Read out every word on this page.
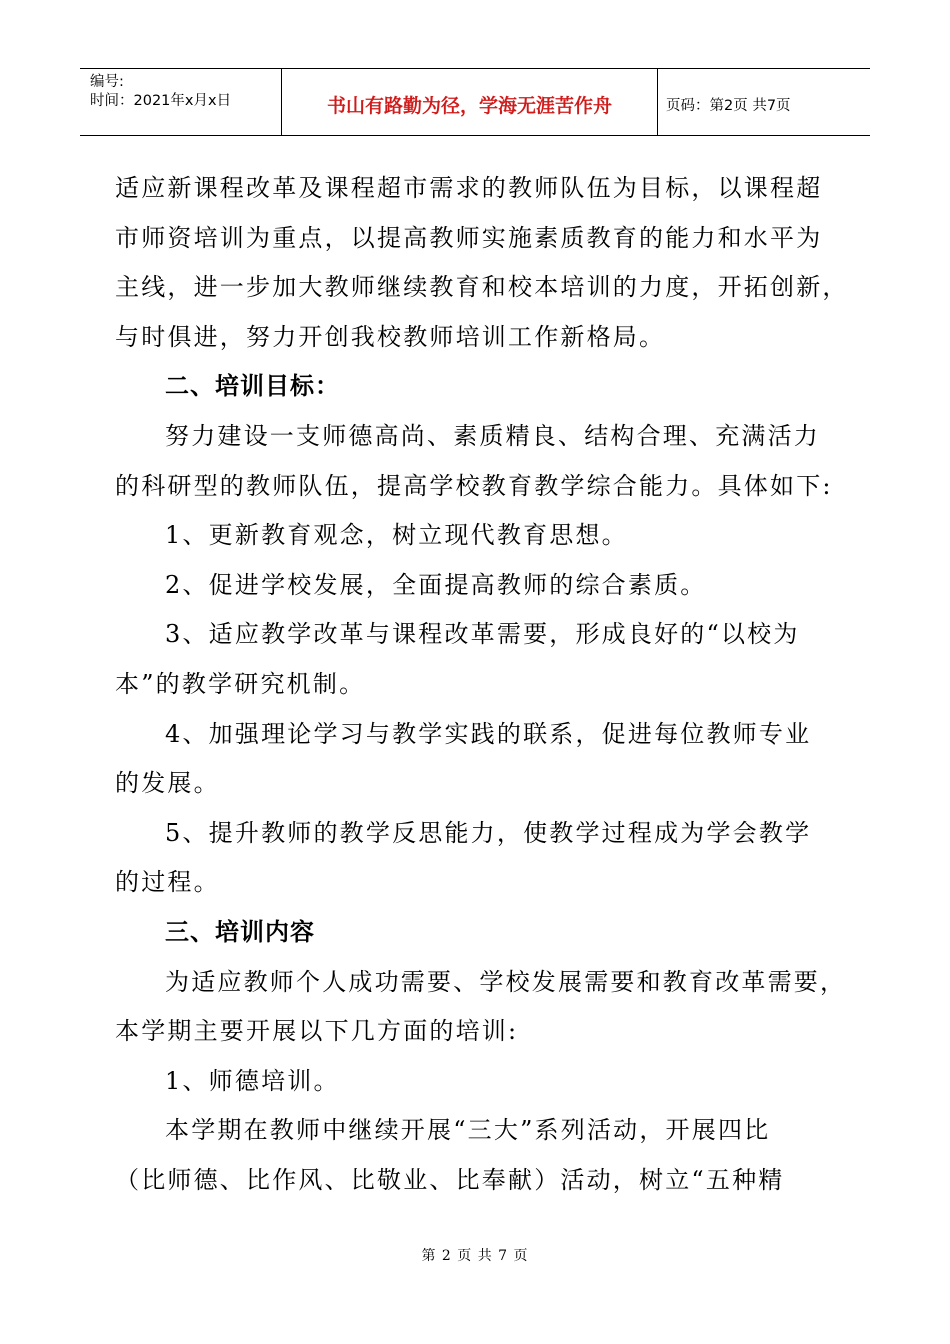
编号:
时间：2021年x月x日	书山有路勤为径，学海无涯苦作舟	页码：第2页 共7页

适应新课程改革及课程超市需求的教师队伍为目标，以课程超

市师资培训为重点，以提高教师实施素质教育的能力和水平为

主线，进一步加大教师继续教育和校本培训的力度，开拓创新，

与时俱进，努力开创我校教师培训工作新格局。

二、培训目标：

努力建设一支师德高尚、素质精良、结构合理、充满活力

的科研型的教师队伍，提高学校教育教学综合能力。具体如下:

1、更新教育观念，树立现代教育思想。

2、促进学校发展，全面提高教师的综合素质。

3、适应教学改革与课程改革需要，形成良好的“以校为

本”的教学研究机制。

4、加强理论学习与教学实践的联系，促进每位教师专业

的发展。

5、提升教师的教学反思能力，使教学过程成为学会教学

的过程。

三、培训内容

为适应教师个人成功需要、学校发展需要和教育改革需要，

本学期主要开展以下几方面的培训:

1、师德培训。

本学期在教师中继续开展“三大”系列活动，开展四比

（比师德、比作风、比敬业、比奉献）活动，树立“五种精

第 2 页 共 7 页
